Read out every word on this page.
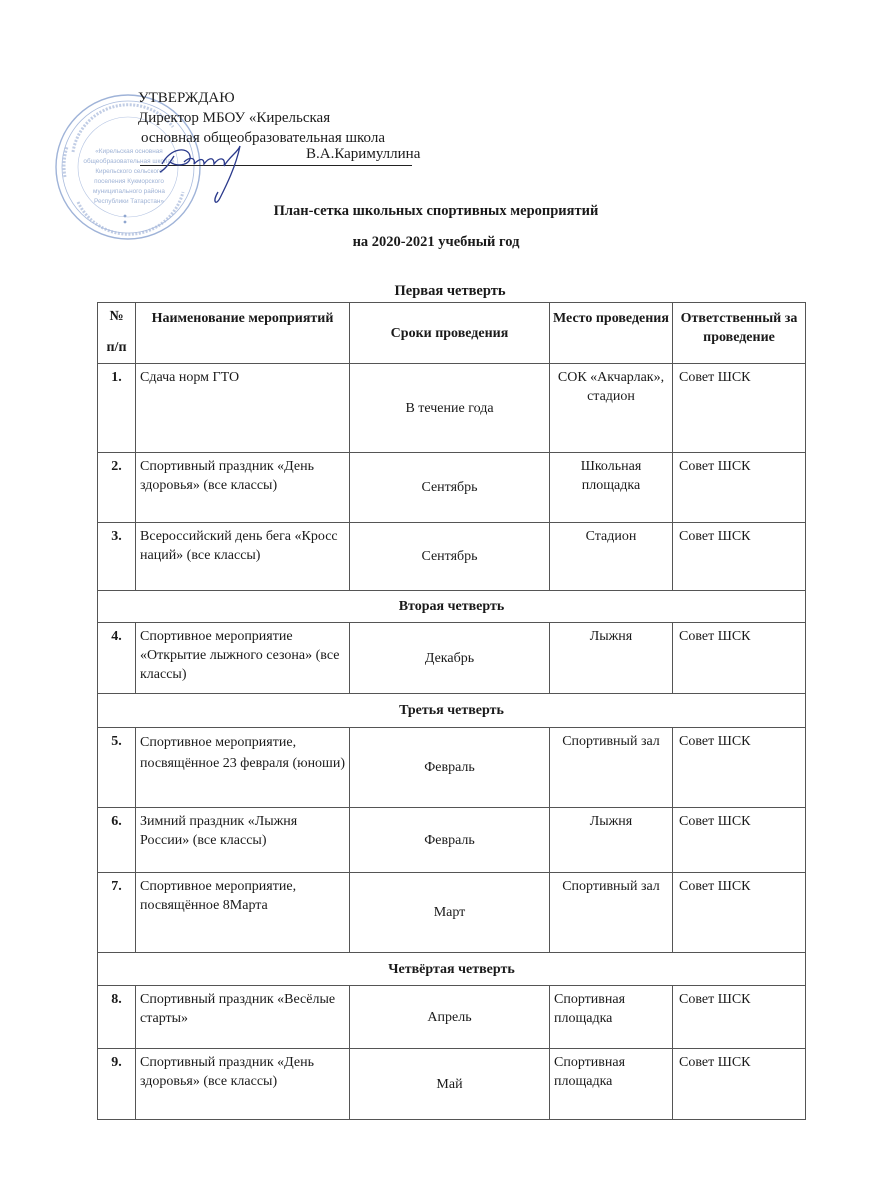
«Кирельская основная
общеобразовательная школа»
Кирельского сельского
поселения Кукморского
муниципального района
Республики Татарстан»
УТВЕРЖДАЮ
Директор МБОУ «Кирельская
основная общеобразовательная школа
В.А.Каримуллина
План-сетка школьных спортивных мероприятий
на 2020-2021 учебный год
Первая четверть
№
п/п	Наименование мероприятий	Сроки проведения	Место проведения	Ответственный за проведение
1.	Сдача норм ГТО	В течение года	СОК «Акчарлак», стадион	Совет ШСК
2.	Спортивный праздник «День здоровья» (все классы)	Сентябрь	Школьная площадка	Совет ШСК
3.	Всероссийский день бега «Кросс наций» (все классы)	Сентябрь	Стадион	Совет ШСК
Вторая четверть				
4.	Спортивное мероприятие «Открытие лыжного сезона» (все классы)	Декабрь	Лыжня	Совет ШСК
Третья четверть				
5.	Спортивное мероприятие, посвящённое 23 февраля (юноши)	Февраль	Спортивный зал	Совет ШСК
6.	Зимний праздник «Лыжня России» (все классы)	Февраль	Лыжня	Совет ШСК
7.	Спортивное мероприятие, посвящённое 8Марта	Март	Спортивный зал	Совет ШСК
Четвёртая четверть				
8.	Спортивный праздник «Весёлые старты»	Апрель	Спортивная площадка	Совет ШСК
9.	Спортивный праздник «День здоровья» (все классы)	Май	Спортивная площадка	Совет ШСК
